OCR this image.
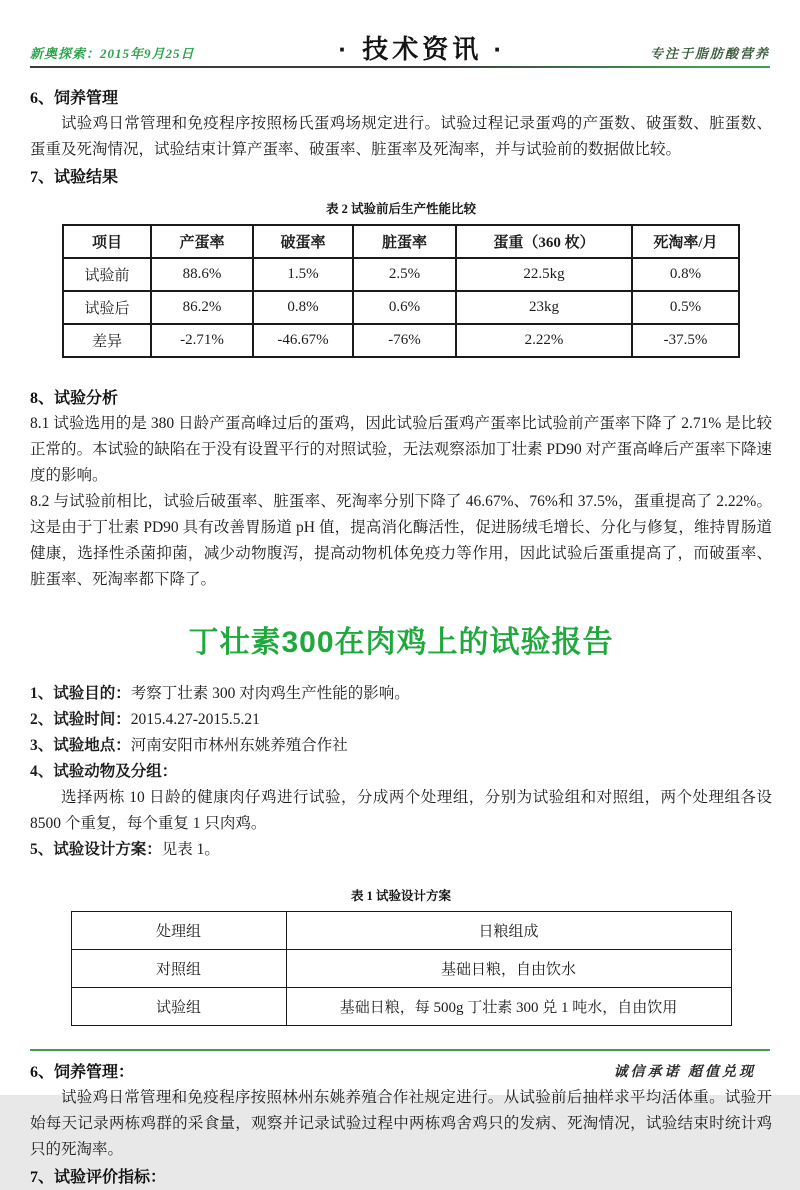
新奥探索：2015年9月25日	· 技术资讯 ·	专注于脂肪酸营养
6、饲养管理

试验鸡日常管理和免疫程序按照杨氏蛋鸡场规定进行。试验过程记录蛋鸡的产蛋数、破蛋数、脏蛋数、蛋重及死淘情况，试验结束计算产蛋率、破蛋率、脏蛋率及死淘率，并与试验前的数据做比较。

7、试验结果
表 2 试验前后生产性能比较
项目	产蛋率	破蛋率	脏蛋率	蛋重（360 枚）	死淘率/月
试验前	88.6%	1.5%	2.5%	22.5kg	0.8%
试验后	86.2%	0.8%	0.6%	23kg	0.5%
差异	-2.71%	-46.67%	-76%	2.22%	-37.5%
8、试验分析

8.1 试验选用的是 380 日龄产蛋高峰过后的蛋鸡，因此试验后蛋鸡产蛋率比试验前产蛋率下降了 2.71% 是比较正常的。本试验的缺陷在于没有设置平行的对照试验，无法观察添加丁壮素 PD90 对产蛋高峰后产蛋率下降速度的影响。

8.2 与试验前相比，试验后破蛋率、脏蛋率、死淘率分别下降了 46.67%、76%和 37.5%，蛋重提高了 2.22%。这是由于丁壮素 PD90 具有改善胃肠道 pH 值，提高消化酶活性，促进肠绒毛增长、分化与修复，维持胃肠道健康，选择性杀菌抑菌，减少动物腹泻，提高动物机体免疫力等作用，因此试验后蛋重提高了，而破蛋率、脏蛋率、死淘率都下降了。

丁壮素300在肉鸡上的试验报告

1、试验目的：考察丁壮素 300 对肉鸡生产性能的影响。

2、试验时间：2015.4.27-2015.5.21

3、试验地点：河南安阳市林州东姚养殖合作社

4、试验动物及分组：

选择两栋 10 日龄的健康肉仔鸡进行试验，分成两个处理组，分别为试验组和对照组，两个处理组各设 8500 个重复，每个重复 1 只肉鸡。

5、试验设计方案：见表 1。

表 1 试验设计方案
处理组	日粮组成
对照组	基础日粮，自由饮水
试验组	基础日粮，每 500g 丁壮素 300 兑 1 吨水，自由饮用
6、饲养管理：

试验鸡日常管理和免疫程序按照林州东姚养殖合作社规定进行。从试验前后抽样求平均活体重。试验开始每天记录两栋鸡群的采食量，观察并记录试验过程中两栋鸡舍鸡只的发病、死淘情况，试验结束时统计鸡只的死淘率。

7、试验评价指标：
诚信承诺 超值兑现
